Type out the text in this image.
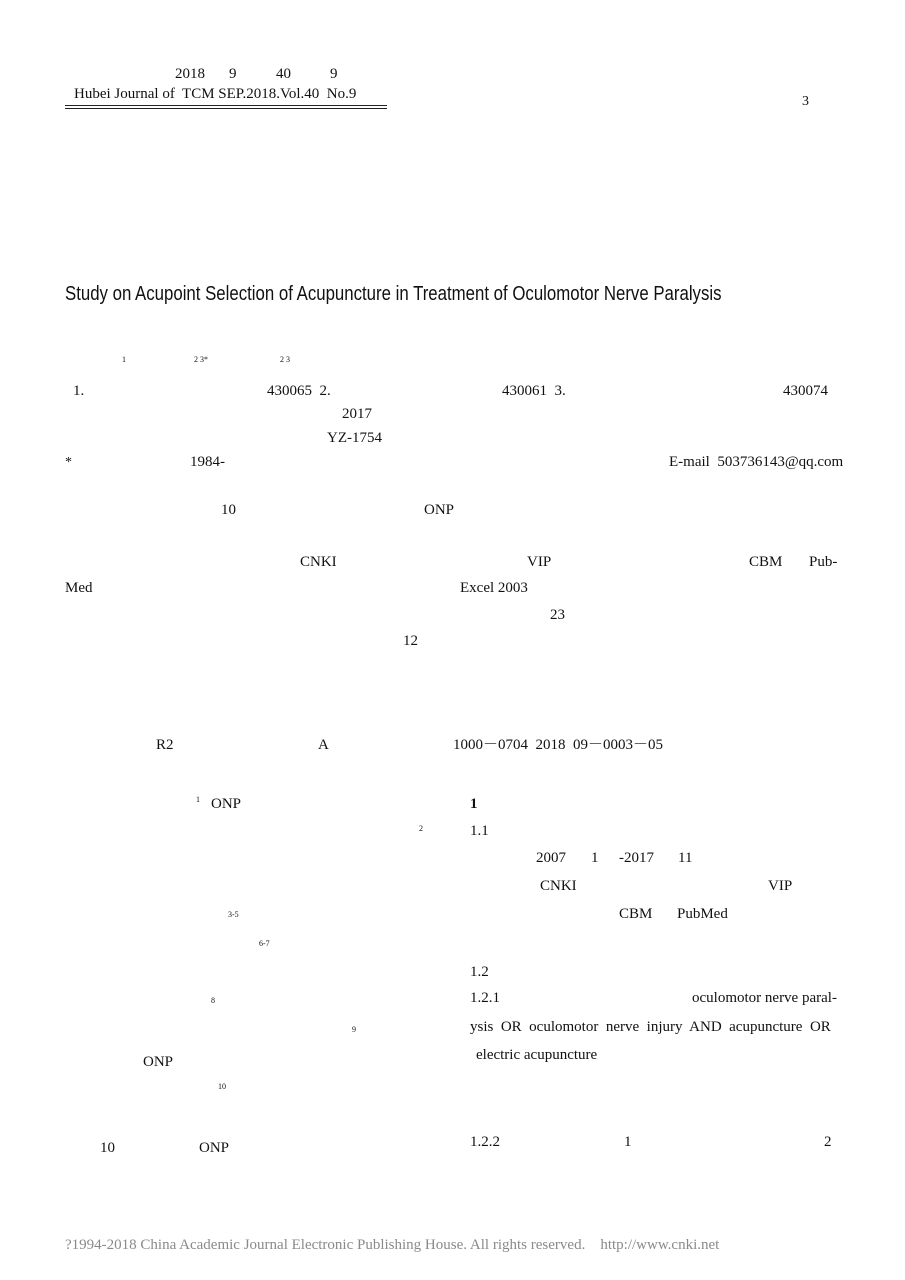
2018 9	40	9
Hubei Journal of  TCM SEP.2018.Vol.40  No.9	3
Study on Acupoint Selection of Acupuncture in Treatment of Oculomotor Nerve Paralysis
1	2 3*	2 3
1.	430065  2.	430061  3.	430074
2017
YZ-1754
*	1984-	E-mail  503736143@qq.com
10	ONP
CNKI	VIP	CBM Pub-
Med	Excel 2003
23
12
R2	A	1000－0704  2018  09－0003－05
1 ONP
2
3-5
6-7
8
9
ONP
10
10	ONP
1
1.1
2007 1 -2017 11
CNKI	VIP
CBM PubMed
1.2
1.2.1	oculomotor nerve paral-
ysis  OR  oculomotor  nerve  injury  AND  acupuncture  OR
electric acupuncture
1.2.2	1	2
?1994-2018 China Academic Journal Electronic Publishing House. All rights reserved.    http://www.cnki.net
